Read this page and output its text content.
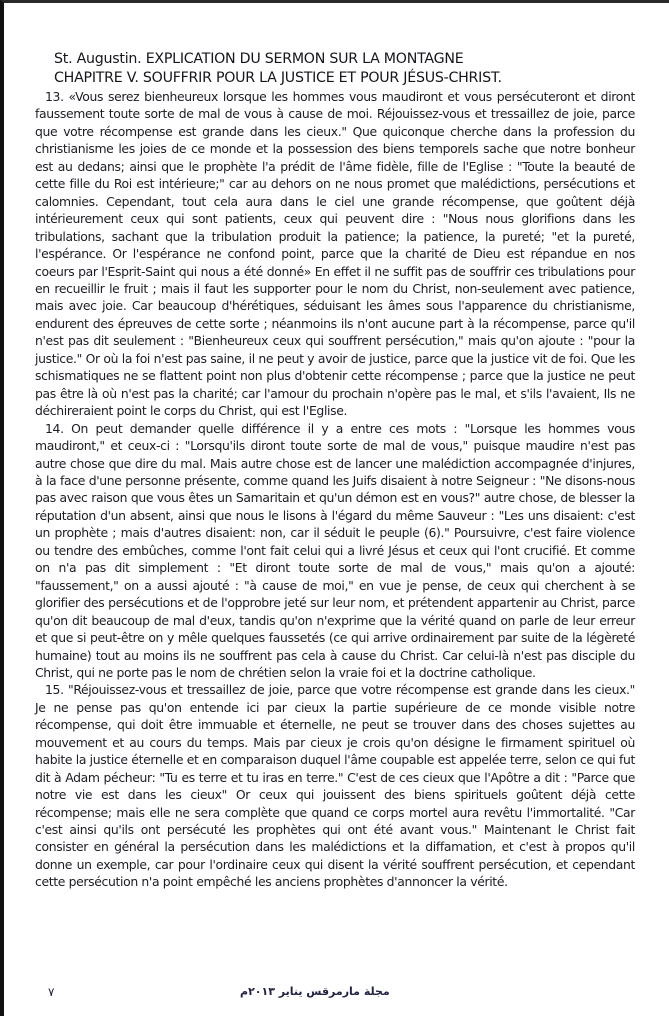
St. Augustin. EXPLICATION DU SERMON SUR LA MONTAGNE
CHAPITRE V. SOUFFRIR POUR LA JUSTICE ET POUR JÉSUS-CHRIST.

13. «Vous serez bienheureux lorsque les hommes vous maudiront et vous persécuteront et diront faussement toute sorte de mal de vous à cause de moi. Réjouissez-vous et tressaillez de joie, parce que votre récompense est grande dans les cieux." Que quiconque cherche dans la profession du christianisme les joies de ce monde et la possession des biens temporels sache que notre bonheur est au dedans; ainsi que le prophète l'a prédit de l'âme fidèle, fille de l'Eglise : "Toute la beauté de cette fille du Roi est intérieure;" car au dehors on ne nous promet que malédictions, persécutions et calomnies. Cependant, tout cela aura dans le ciel une grande récompense, que goûtent déjà intérieurement ceux qui sont patients, ceux qui peuvent dire : "Nous nous glorifions dans les tribulations, sachant que la tribulation produit la patience; la patience, la pureté; "et la pureté, l'espérance. Or l'espérance ne confond point, parce que la charité de Dieu est répandue en nos coeurs par l'Esprit-Saint qui nous a été donné» En effet il ne suffit pas de souffrir ces tribulations pour en recueillir le fruit ; mais il faut les supporter pour le nom du Christ, non-seulement avec patience, mais avec joie. Car beaucoup d'hérétiques, séduisant les âmes sous l'apparence du christianisme, endurent des épreuves de cette sorte ; néanmoins ils n'ont aucune part à la récompense, parce qu'il n'est pas dit seulement : "Bienheureux ceux qui souffrent persécution," mais qu'on ajoute : "pour la justice." Or où la foi n'est pas saine, il ne peut y avoir de justice, parce que la justice vit de foi. Que les schismatiques ne se flattent point non plus d'obtenir cette récompense ; parce que la justice ne peut pas être là où n'est pas la charité; car l'amour du prochain n'opère pas le mal, et s'ils l'avaient, Ils ne déchireraient point le corps du Christ, qui est l'Eglise.

14. On peut demander quelle différence il y a entre ces mots : "Lorsque les hommes vous maudiront," et ceux-ci : "Lorsqu'ils diront toute sorte de mal de vous," puisque maudire n'est pas autre chose que dire du mal. Mais autre chose est de lancer une malédiction accompagnée d'injures, à la face d'une personne présente, comme quand les Juifs disaient à notre Seigneur : "Ne disons-nous pas avec raison que vous êtes un Samaritain et qu'un démon est en vous?" autre chose, de blesser la réputation d'un absent, ainsi que nous le lisons à l'égard du même Sauveur : "Les uns disaient: c'est un prophète ; mais d'autres disaient: non, car il séduit le peuple (6)." Poursuivre, c'est faire violence ou tendre des embûches, comme l'ont fait celui qui a livré Jésus et ceux qui l'ont crucifié. Et comme on n'a pas dit simplement : "Et diront toute sorte de mal de vous," mais qu'on a ajouté: "faussement," on a aussi ajouté : "à cause de moi," en vue je pense, de ceux qui cherchent à se glorifier des persécutions et de l'opprobre jeté sur leur nom, et prétendent appartenir au Christ, parce qu'on dit beaucoup de mal d'eux, tandis qu'on n'exprime que la vérité quand on parle de leur erreur et que si peut-être on y mêle quelques faussetés (ce qui arrive ordinairement par suite de la légèreté humaine) tout au moins ils ne souffrent pas cela à cause du Christ. Car celui-là n'est pas disciple du Christ, qui ne porte pas le nom de chrétien selon la vraie foi et la doctrine catholique.

15. "Réjouissez-vous et tressaillez de joie, parce que votre récompense est grande dans les cieux." Je ne pense pas qu'on entende ici par cieux la partie supérieure de ce monde visible notre récompense, qui doit être immuable et éternelle, ne peut se trouver dans des choses sujettes au mouvement et au cours du temps. Mais par cieux je crois qu'on désigne le firmament spirituel où habite la justice éternelle et en comparaison duquel l'âme coupable est appelée terre, selon ce qui fut dit à Adam pécheur: "Tu es terre et tu iras en terre." C'est de ces cieux que l'Apôtre a dit : "Parce que notre vie est dans les cieux" Or ceux qui jouissent des biens spirituels goûtent déjà cette récompense; mais elle ne sera complète que quand ce corps mortel aura revêtu l'immortalité. "Car c'est ainsi qu'ils ont persécuté les prophètes qui ont été avant vous." Maintenant le Christ fait consister en général la persécution dans les malédictions et la diffamation, et c'est à propos qu'il donne un exemple, car pour l'ordinaire ceux qui disent la vérité souffrent persécution, et cependant cette persécution n'a point empêché les anciens prophètes d'annoncer la vérité.

٧	مجلة مارمرقس يناير ٢٠١٣م
